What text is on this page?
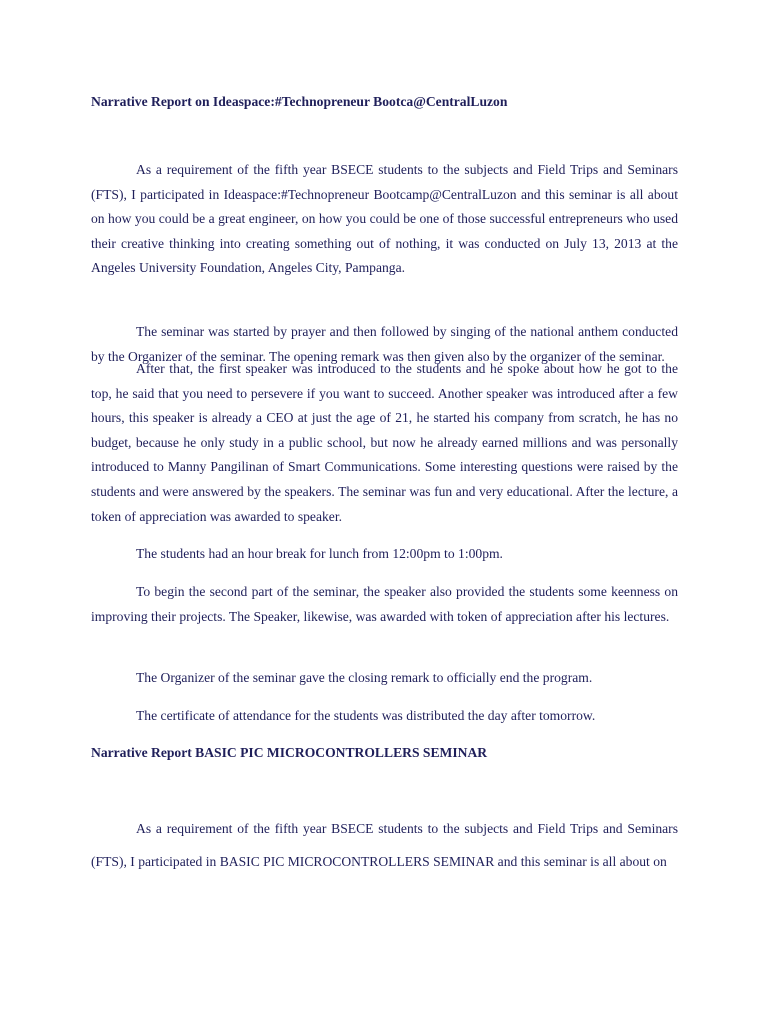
Narrative Report on Ideaspace:#Technopreneur Bootca@CentralLuzon

As a requirement of the fifth year BSECE students to the subjects and Field Trips and Seminars (FTS), I participated in Ideaspace:#Technopreneur Bootcamp@CentralLuzon and this seminar is all about on how you could be a great engineer, on how you could be one of those successful entrepreneurs who used their creative thinking into creating something out of nothing, it was conducted on July 13, 2013 at the Angeles University Foundation, Angeles City, Pampanga.

The seminar was started by prayer and then followed by singing of the national anthem conducted by the Organizer of the seminar. The opening remark was then given also by the organizer of the seminar.

After that, the first speaker was introduced to the students and he spoke about how he got to the top, he said that you need to persevere if you want to succeed. Another speaker was introduced after a few hours, this speaker is already a CEO at just the age of 21, he started his company from scratch, he has no budget, because he only study in a public school, but now he already earned millions and was personally introduced to Manny Pangilinan of Smart Communications. Some interesting questions were raised by the students and were answered by the speakers. The seminar was fun and very educational. After the lecture, a token of appreciation was awarded to speaker.

The students had an hour break for lunch from 12:00pm to 1:00pm.

To begin the second part of the seminar, the speaker also provided the students some keenness on improving their projects. The Speaker, likewise, was awarded with token of appreciation after his lectures.

The Organizer of the seminar gave the closing remark to officially end the program.

The certificate of attendance for the students was distributed the day after tomorrow.

Narrative Report BASIC PIC MICROCONTROLLERS SEMINAR

As a requirement of the fifth year BSECE students to the subjects and Field Trips and Seminars (FTS), I participated in BASIC PIC MICROCONTROLLERS SEMINAR and this seminar is all about on
